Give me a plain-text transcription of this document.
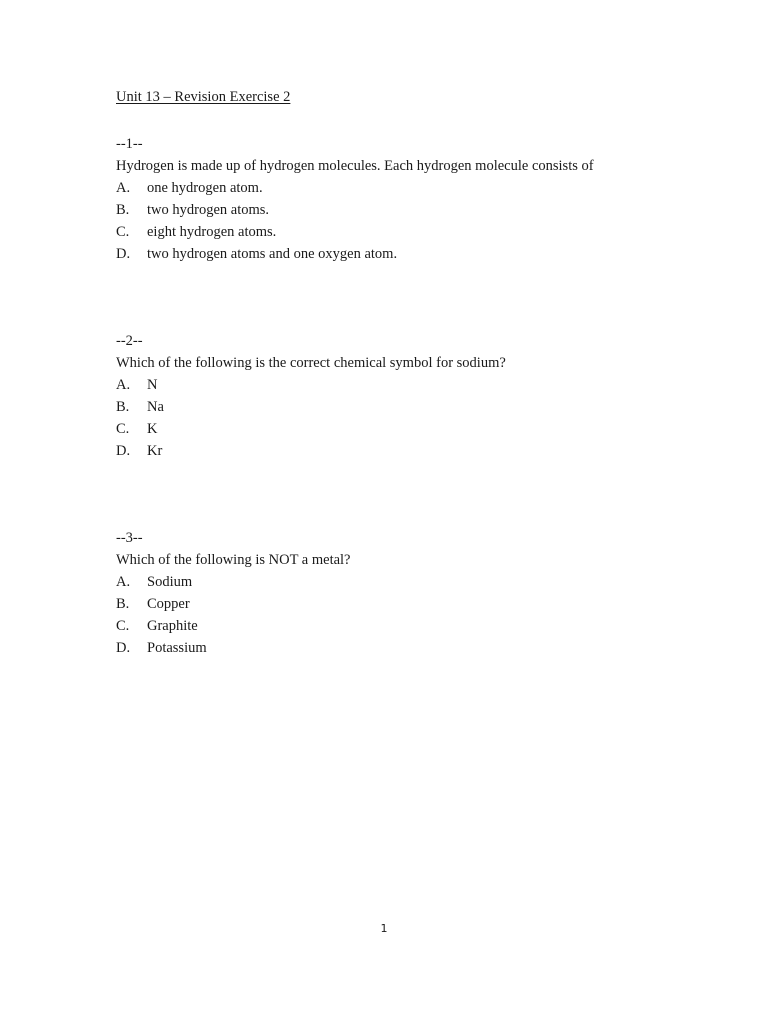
Unit 13 – Revision Exercise 2
--1--
Hydrogen is made up of hydrogen molecules. Each hydrogen molecule consists of
A.	one hydrogen atom.
B.	two hydrogen atoms.
C.	eight hydrogen atoms.
D.	two hydrogen atoms and one oxygen atom.
--2--
Which of the following is the correct chemical symbol for sodium?
A.	N
B.	Na
C.	K
D.	Kr
--3--
Which of the following is NOT a metal?
A.	Sodium
B.	Copper
C.	Graphite
D.	Potassium
1
